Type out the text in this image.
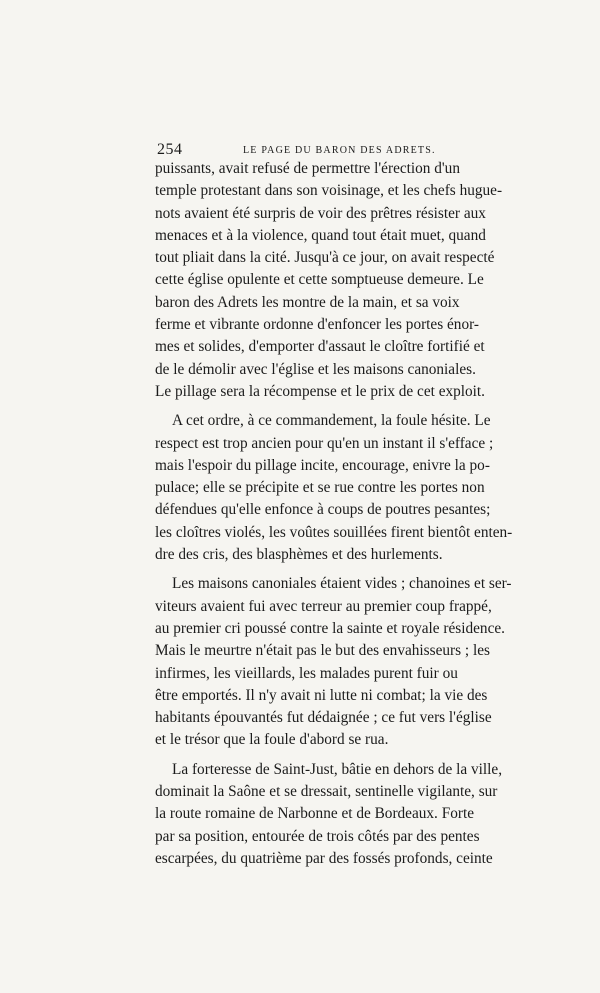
254	LE PAGE DU BARON DES ADRETS.
puissants, avait refusé de permettre l'érection d'un
temple protestant dans son voisinage, et les chefs hugue-
nots avaient été surpris de voir des prêtres résister aux
menaces et à la violence, quand tout était muet, quand
tout pliait dans la cité. Jusqu'à ce jour, on avait respecté
cette église opulente et cette somptueuse demeure. Le
baron des Adrets les montre de la main, et sa voix
ferme et vibrante ordonne d'enfoncer les portes énor-
mes et solides, d'emporter d'assaut le cloître fortifié et
de le démolir avec l'église et les maisons canoniales.
Le pillage sera la récompense et le prix de cet exploit.
A cet ordre, à ce commandement, la foule hésite. Le
respect est trop ancien pour qu'en un instant il s'efface ;
mais l'espoir du pillage incite, encourage, enivre la po-
pulace; elle se précipite et se rue contre les portes non
défendues qu'elle enfonce à coups de poutres pesantes;
les cloîtres violés, les voûtes souillées firent bientôt enten-
dre des cris, des blasphèmes et des hurlements.
Les maisons canoniales étaient vides ; chanoines et ser-
viteurs avaient fui avec terreur au premier coup frappé,
au premier cri poussé contre la sainte et royale résidence.
Mais le meurtre n'était pas le but des envahisseurs ; les
infirmes, les vieillards, les malades purent fuir ou
être emportés. Il n'y avait ni lutte ni combat; la vie des
habitants épouvantés fut dédaignée ; ce fut vers l'église
et le trésor que la foule d'abord se rua.
La forteresse de Saint-Just, bâtie en dehors de la ville,
dominait la Saône et se dressait, sentinelle vigilante, sur
la route romaine de Narbonne et de Bordeaux. Forte
par sa position, entourée de trois côtés par des pentes
escarpées, du quatrième par des fossés profonds, ceinte
